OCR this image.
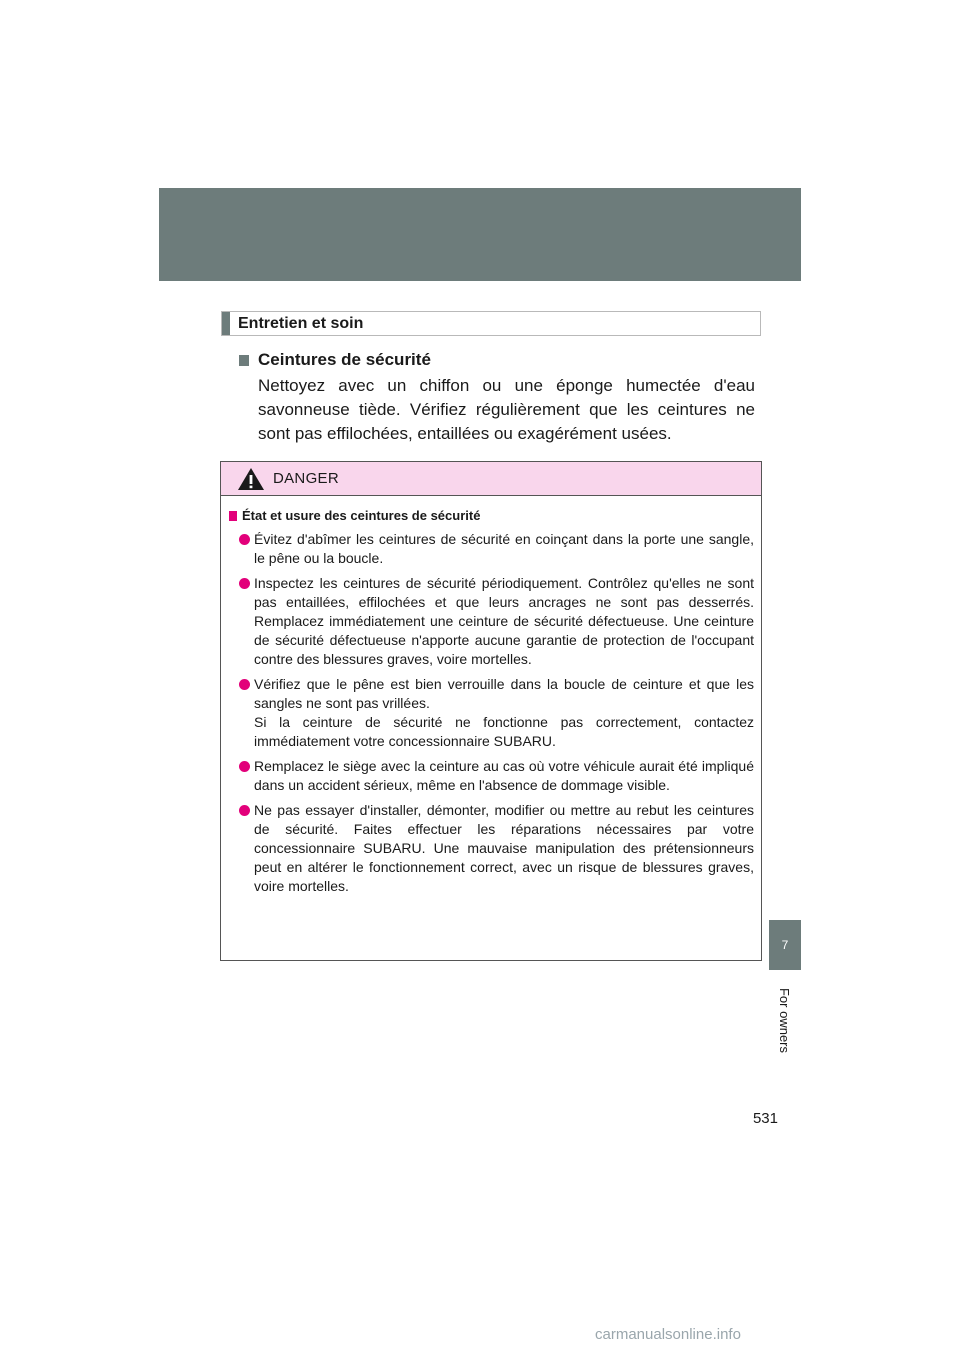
Entretien et soin
Ceintures de sécurité
Nettoyez avec un chiffon ou une éponge humectée d'eau savonneuse tiède. Vérifiez régulièrement que les ceintures ne sont pas effilochées, entaillées ou exagérément usées.
DANGER
État et usure des ceintures de sécurité

Évitez d'abîmer les ceintures de sécurité en coinçant dans la porte une sangle, le pêne ou la boucle.

Inspectez les ceintures de sécurité périodiquement. Contrôlez qu'elles ne sont pas entaillées, effilochées et que leurs ancrages ne sont pas desserrés. Remplacez immédiatement une ceinture de sécurité défectueuse. Une ceinture de sécurité défectueuse n'apporte aucune garantie de protection de l'occupant contre des blessures graves, voire mortelles.

Vérifiez que le pêne est bien verrouille dans la boucle de ceinture et que les sangles ne sont pas vrillées.

Si la ceinture de sécurité ne fonctionne pas correctement, contactez immédiatement votre concessionnaire SUBARU.

Remplacez le siège avec la ceinture au cas où votre véhicule aurait été impliqué dans un accident sérieux, même en l'absence de dommage visible.

Ne pas essayer d'installer, démonter, modifier ou mettre au rebut les ceintures de sécurité. Faites effectuer les réparations nécessaires par votre concessionnaire SUBARU. Une mauvaise manipulation des prétensionneurs peut en altérer le fonctionnement correct, avec un risque de blessures graves, voire mortelles.

7
For owners
531
carmanualsonline.info
